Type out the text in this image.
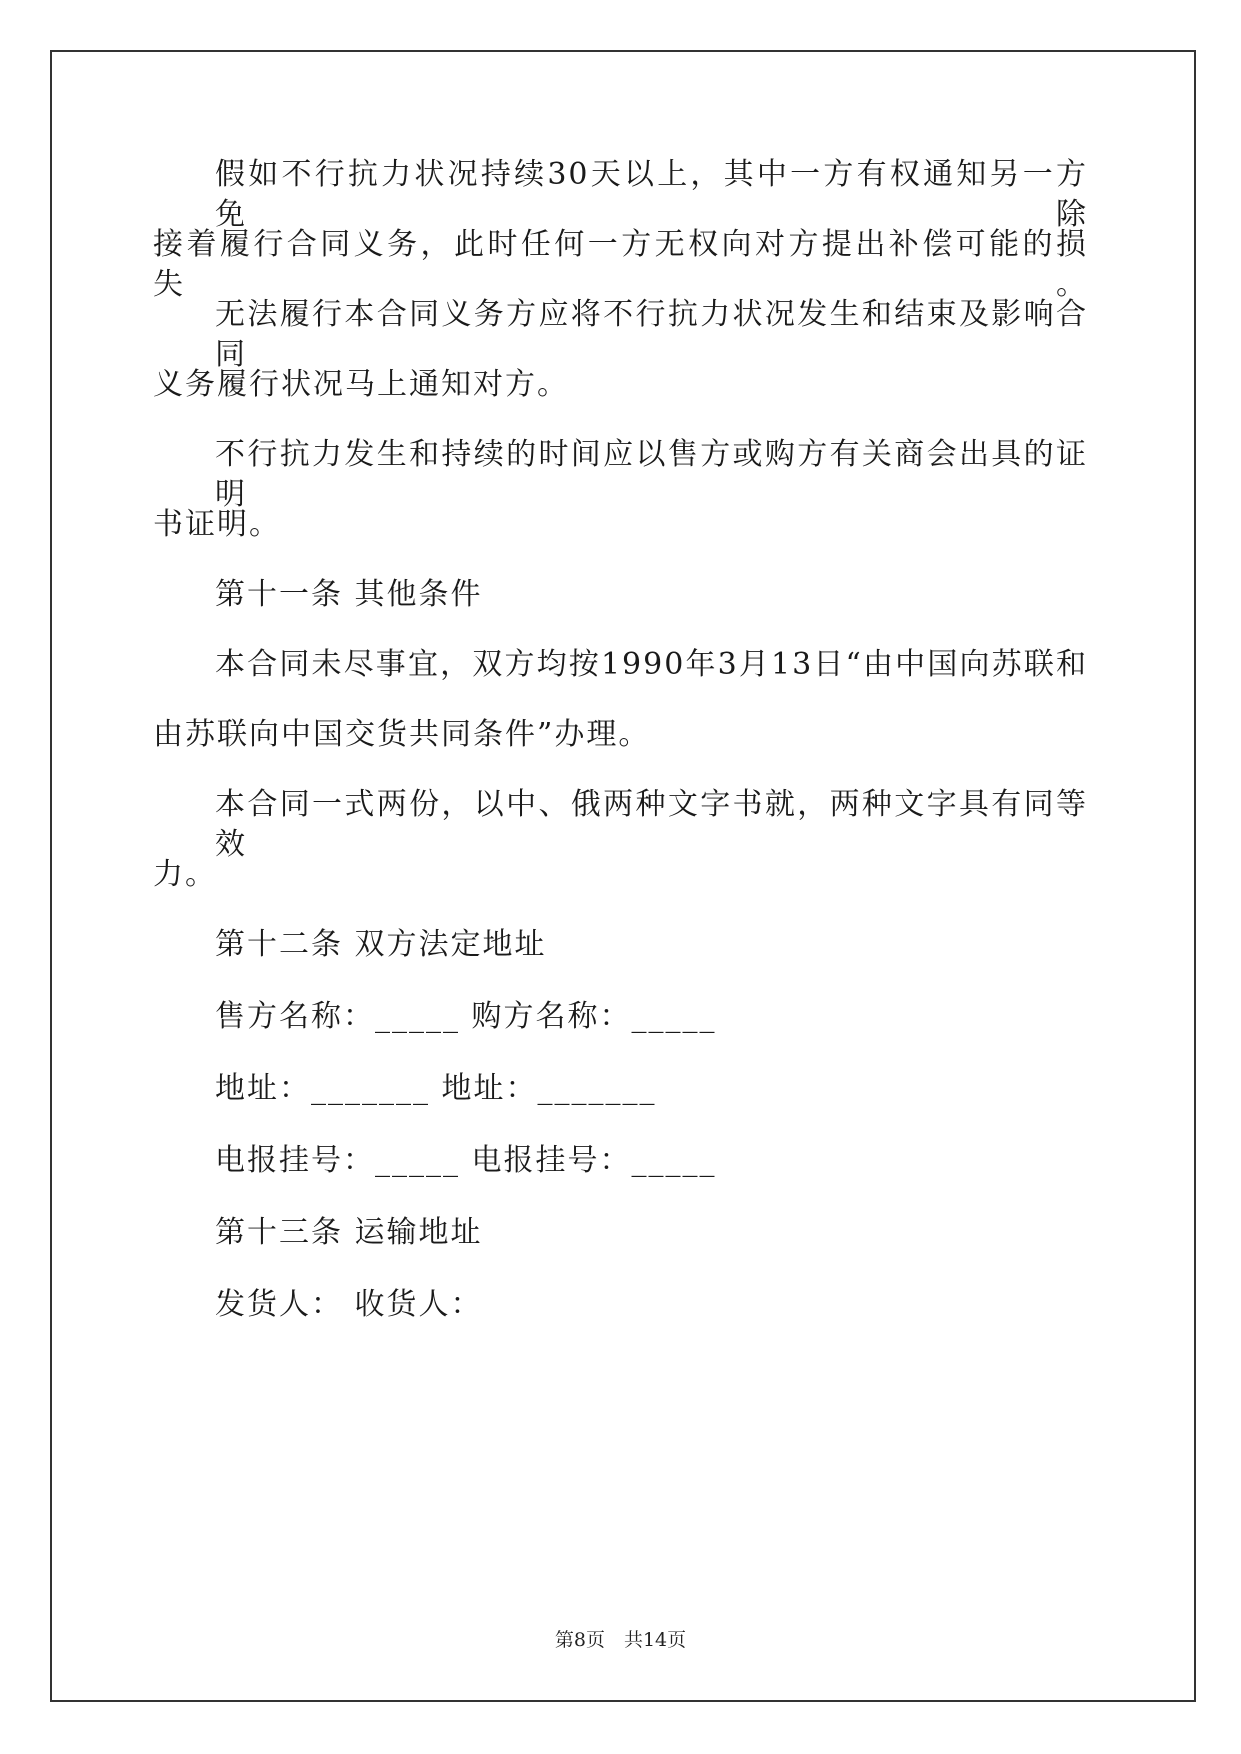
假如不行抗力状况持续30天以上，其中一方有权通知另一方免除
接着履行合同义务，此时任何一方无权向对方提出补偿可能的损失。
无法履行本合同义务方应将不行抗力状况发生和结束及影响合同
义务履行状况马上通知对方。
不行抗力发生和持续的时间应以售方或购方有关商会出具的证明
书证明。
第十一条 其他条件
本合同未尽事宜，双方均按1990年3月13日“由中国向苏联和
由苏联向中国交货共同条件”办理。
本合同一式两份，以中、俄两种文字书就，两种文字具有同等效
力。
第十二条 双方法定地址
售方名称：_____ 购方名称：_____
地址：_______ 地址：_______
电报挂号：_____ 电报挂号：_____
第十三条 运输地址
发货人： 收货人：
第8页　共14页
